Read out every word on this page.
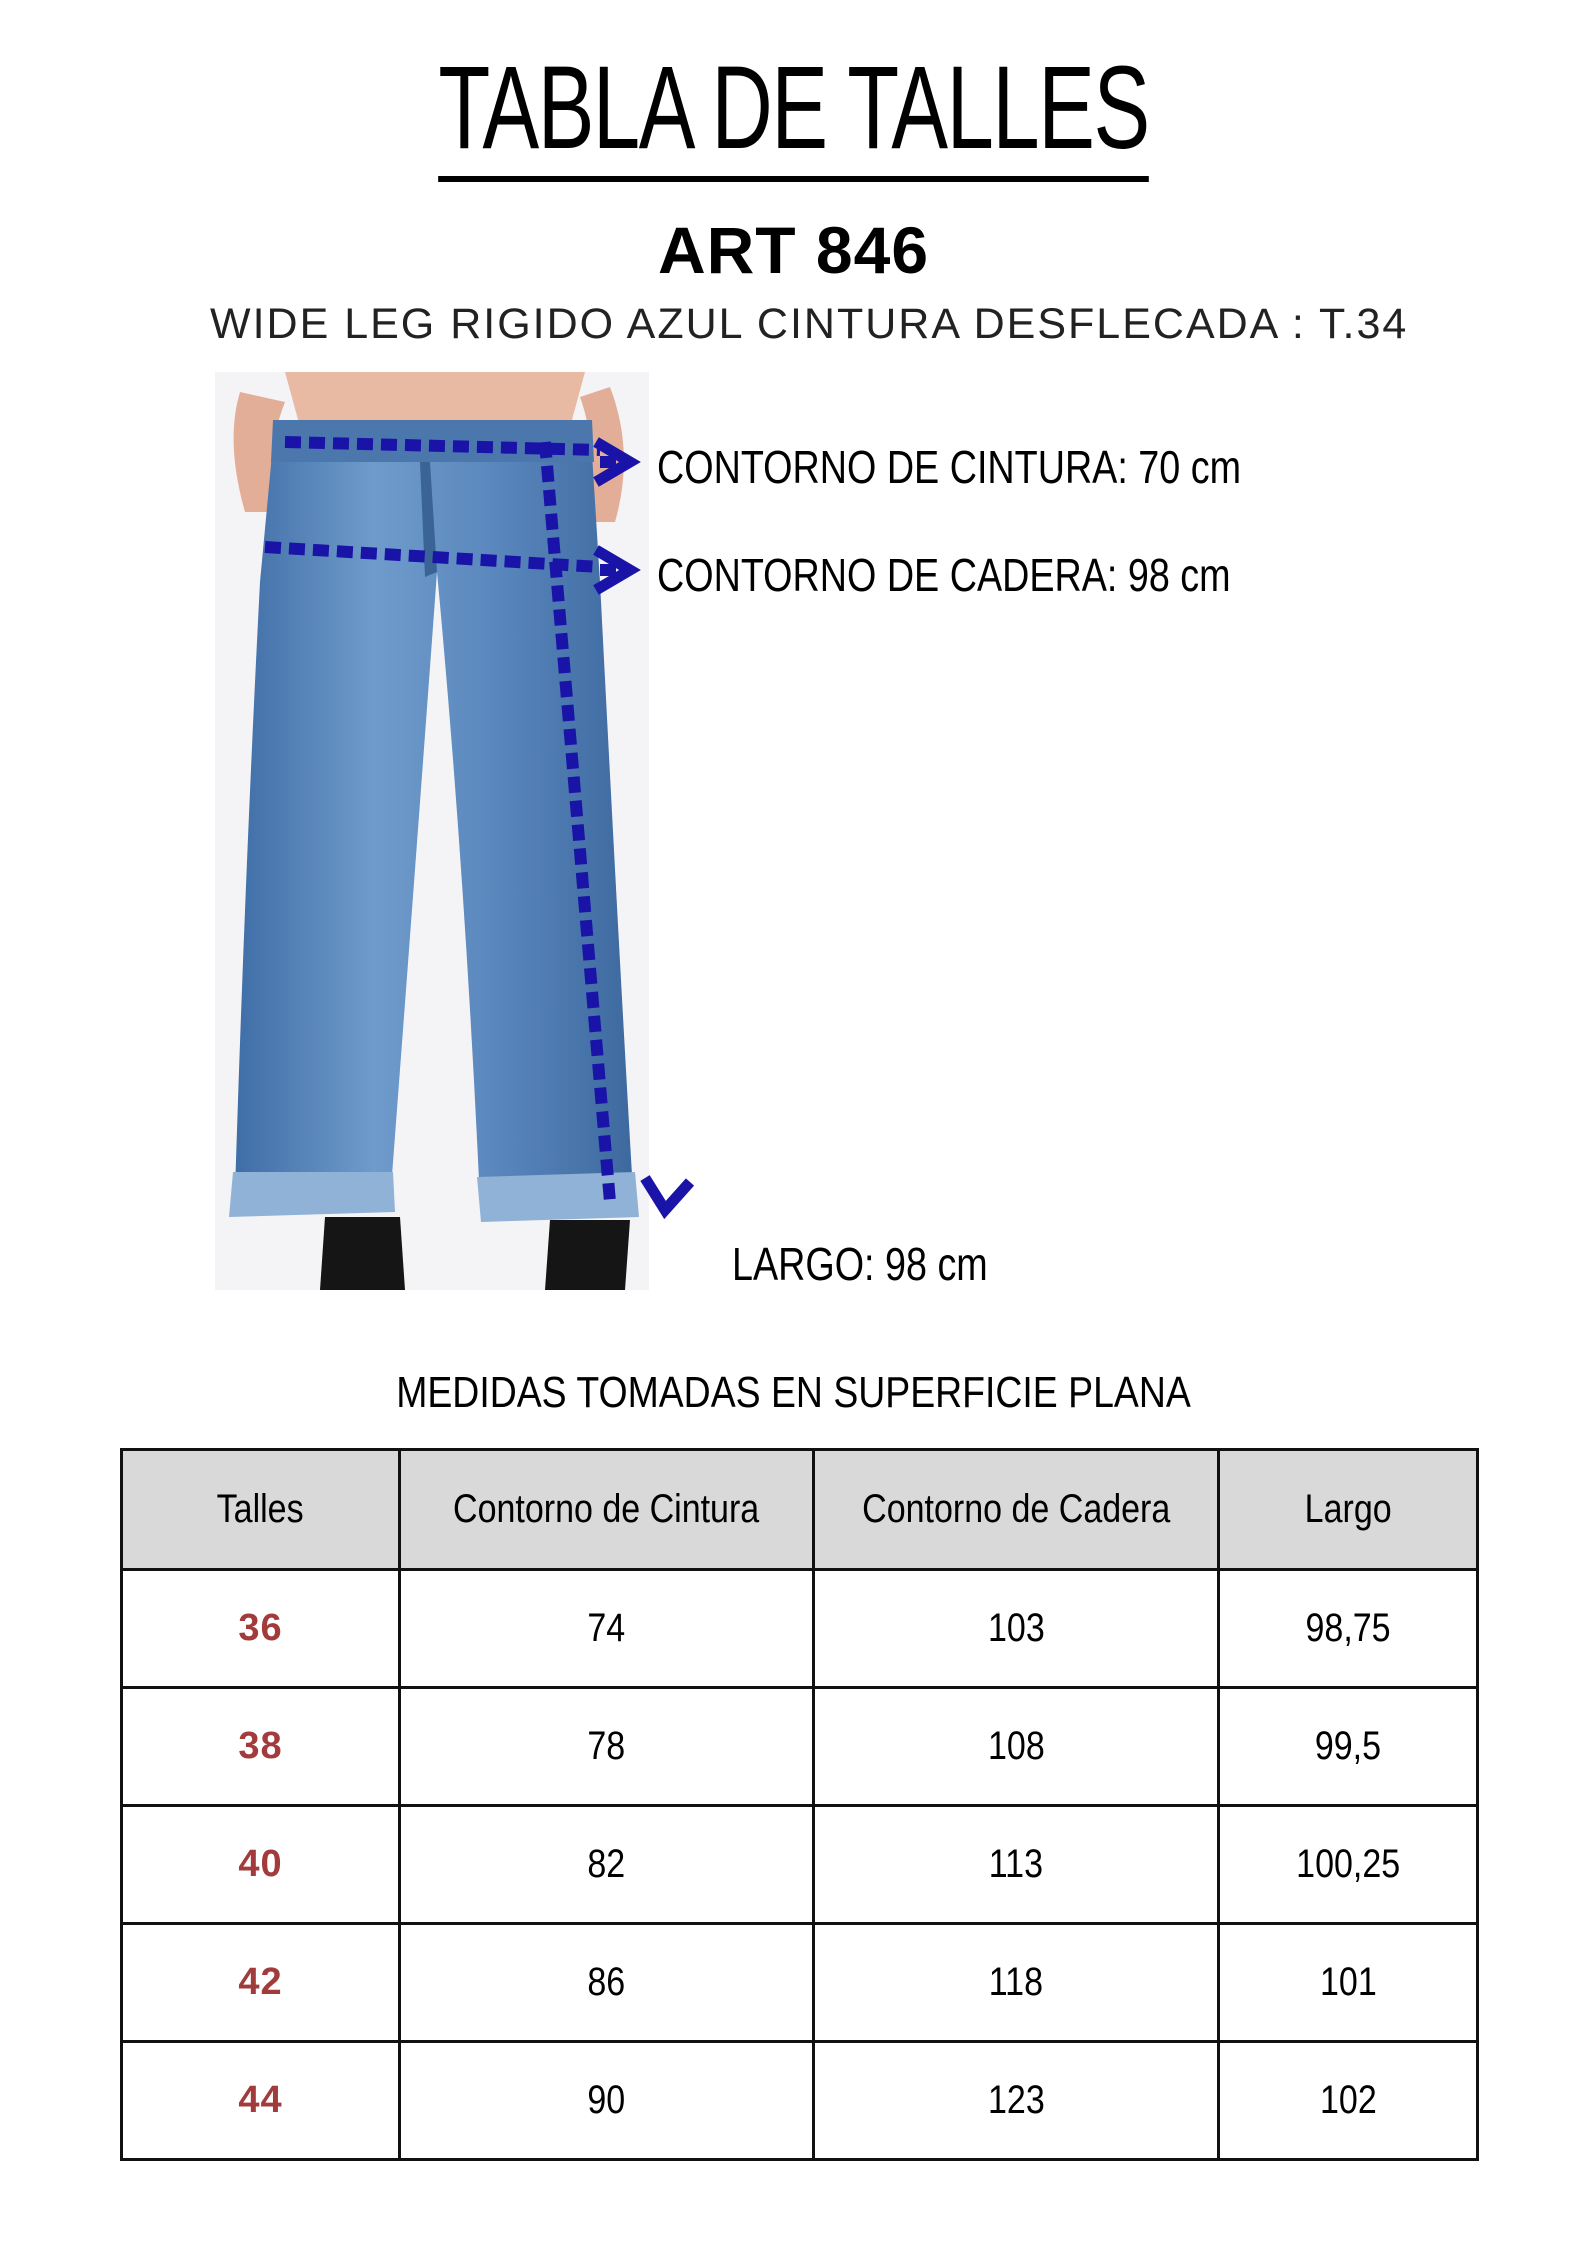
TABLA DE TALLES
ART 846
WIDE LEG RIGIDO AZUL CINTURA DESFLECADA : T.34
CONTORNO DE CINTURA: 70 cm
CONTORNO DE CADERA: 98 cm
LARGO: 98 cm
MEDIDAS TOMADAS EN SUPERFICIE PLANA
Talles	Contorno de Cintura	Contorno de Cadera	Largo
36	74	103	98,75
38	78	108	99,5
40	82	113	100,25
42	86	118	101
44	90	123	102
